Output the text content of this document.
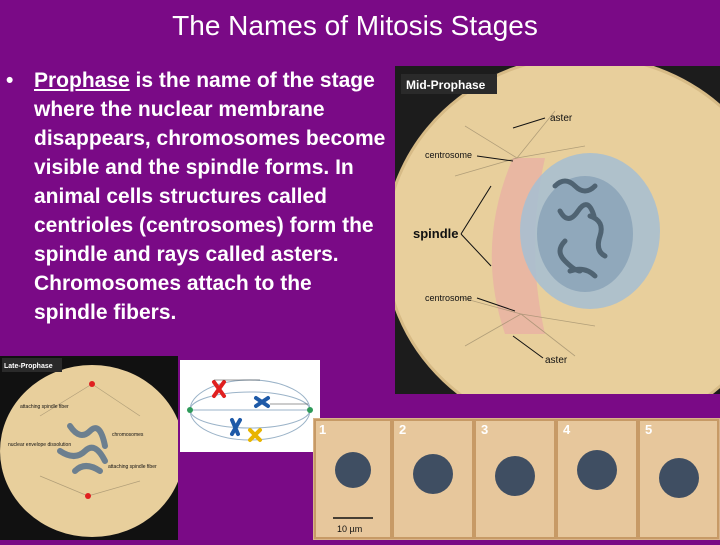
The Names of Mitosis Stages
• Prophase is the name of the stage where the nuclear membrane disappears, chromosomes become visible and the spindle forms. In animal cells structures called centrioles (centrosomes) form the spindle and rays called asters. Chromosomes attach to the spindle fibers.
Mid-Prophase
aster
centrosome
spindle
centrosome
aster
Late-Prophase
attaching spindle fiber
chromosomes
nuclear envelope dissolution
attaching spindle fiber
1	2	3	4	5
10 µm
